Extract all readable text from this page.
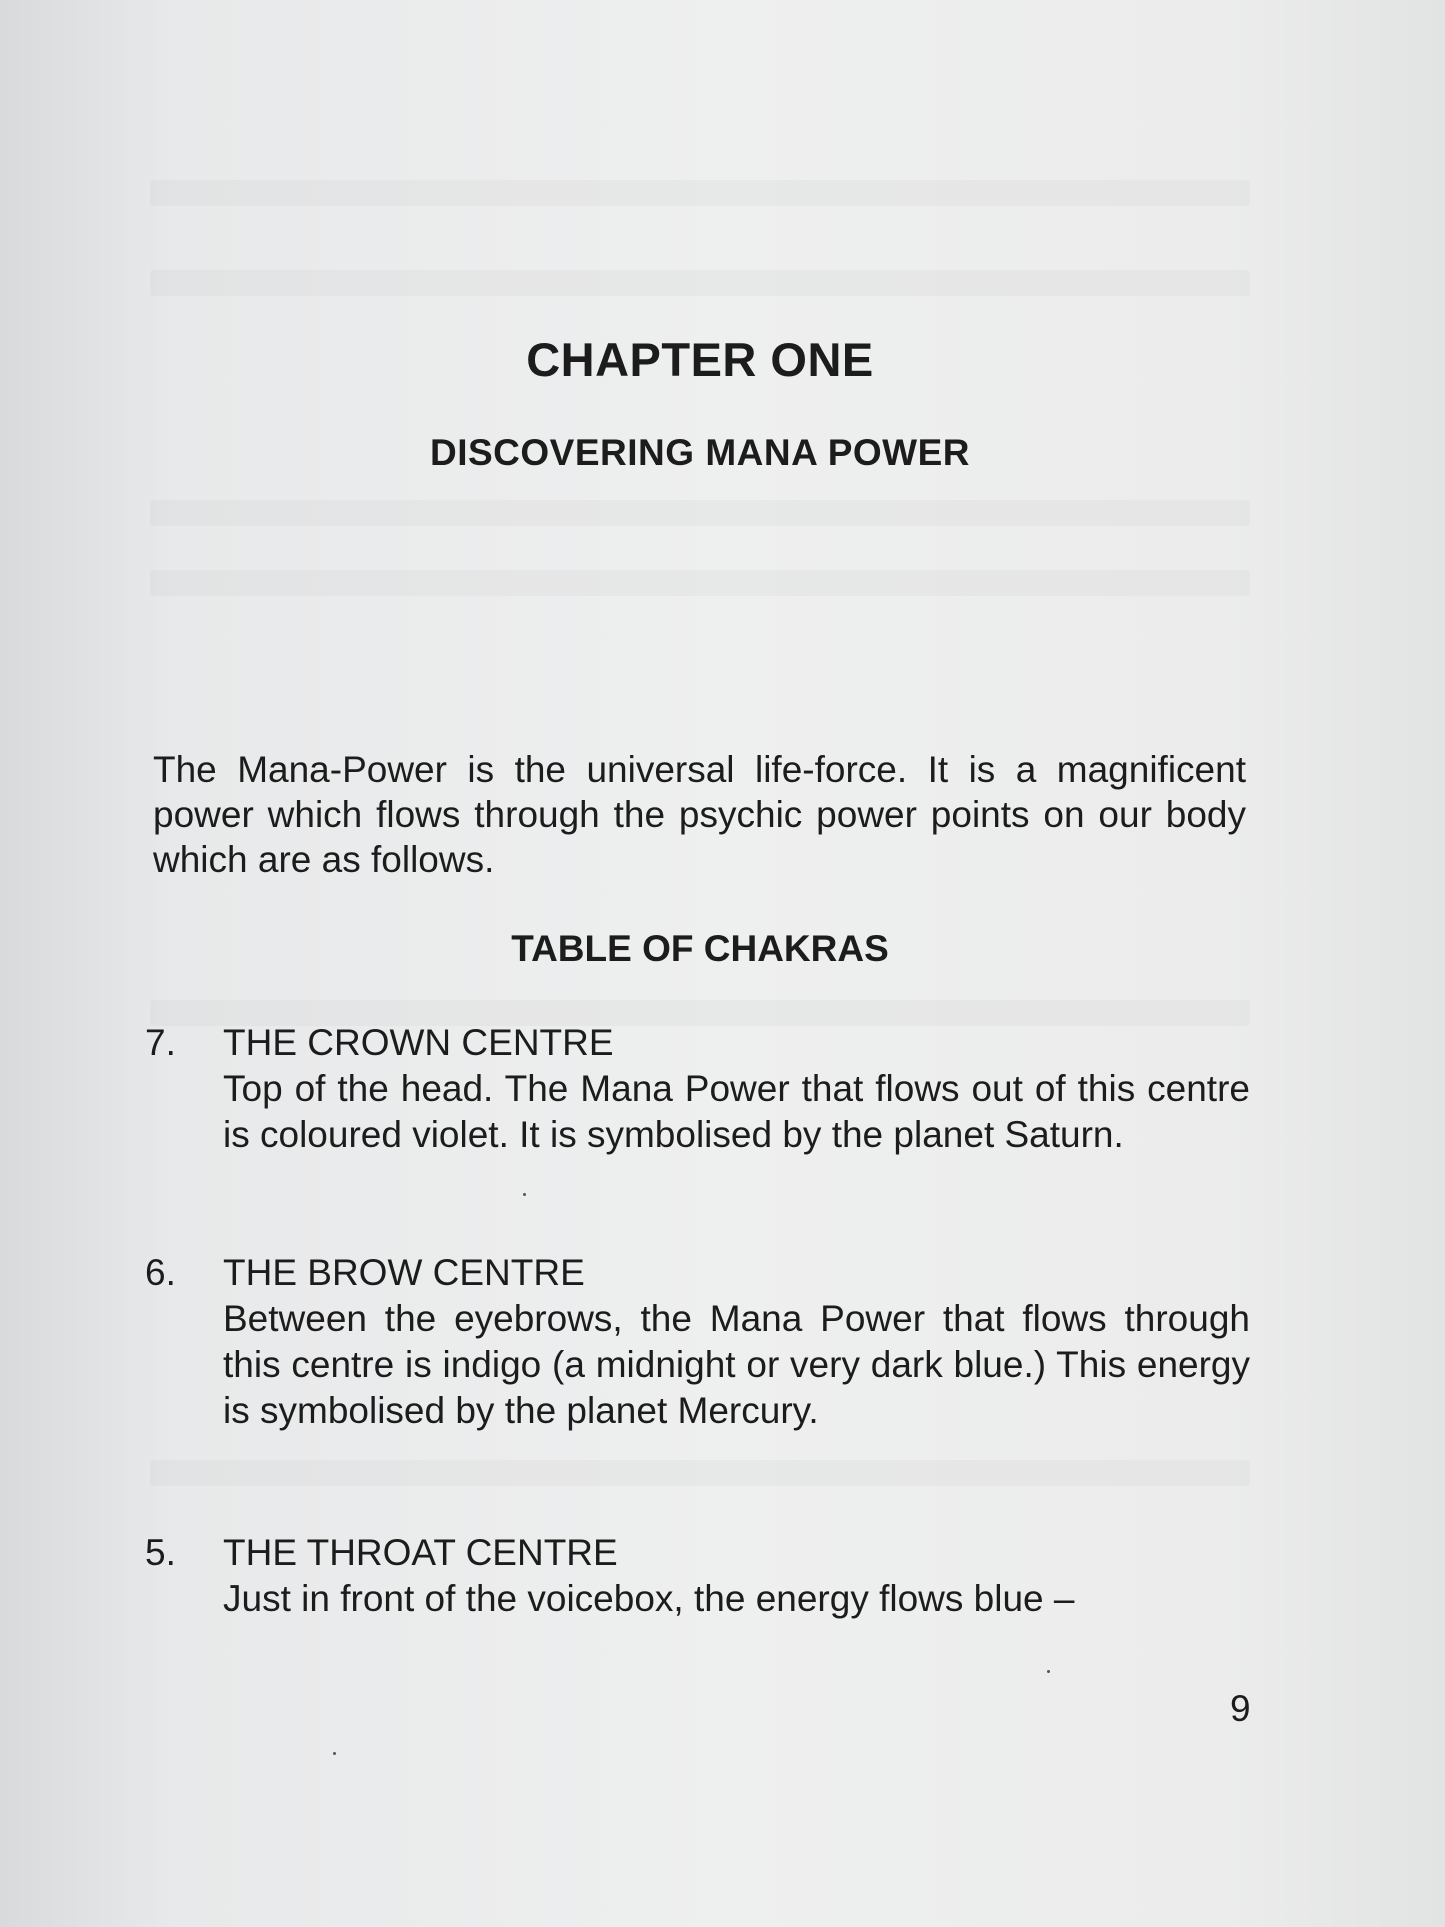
CHAPTER ONE
DISCOVERING MANA POWER

The Mana-Power is the universal life-force. It is a magnificent power which flows through the psychic power points on our body which are as follows.

TABLE OF CHAKRAS
7.	THE CROWN CENTRE
Top of the head. The Mana Power that flows out of this centre is coloured violet. It is symbolised by the planet Saturn.
6.	THE BROW CENTRE
Between the eyebrows, the Mana Power that flows through this centre is indigo (a midnight or very dark blue.) This energy is symbolised by the planet Mercury.
5.	THE THROAT CENTRE
Just in front of the voicebox, the energy flows blue –

9
